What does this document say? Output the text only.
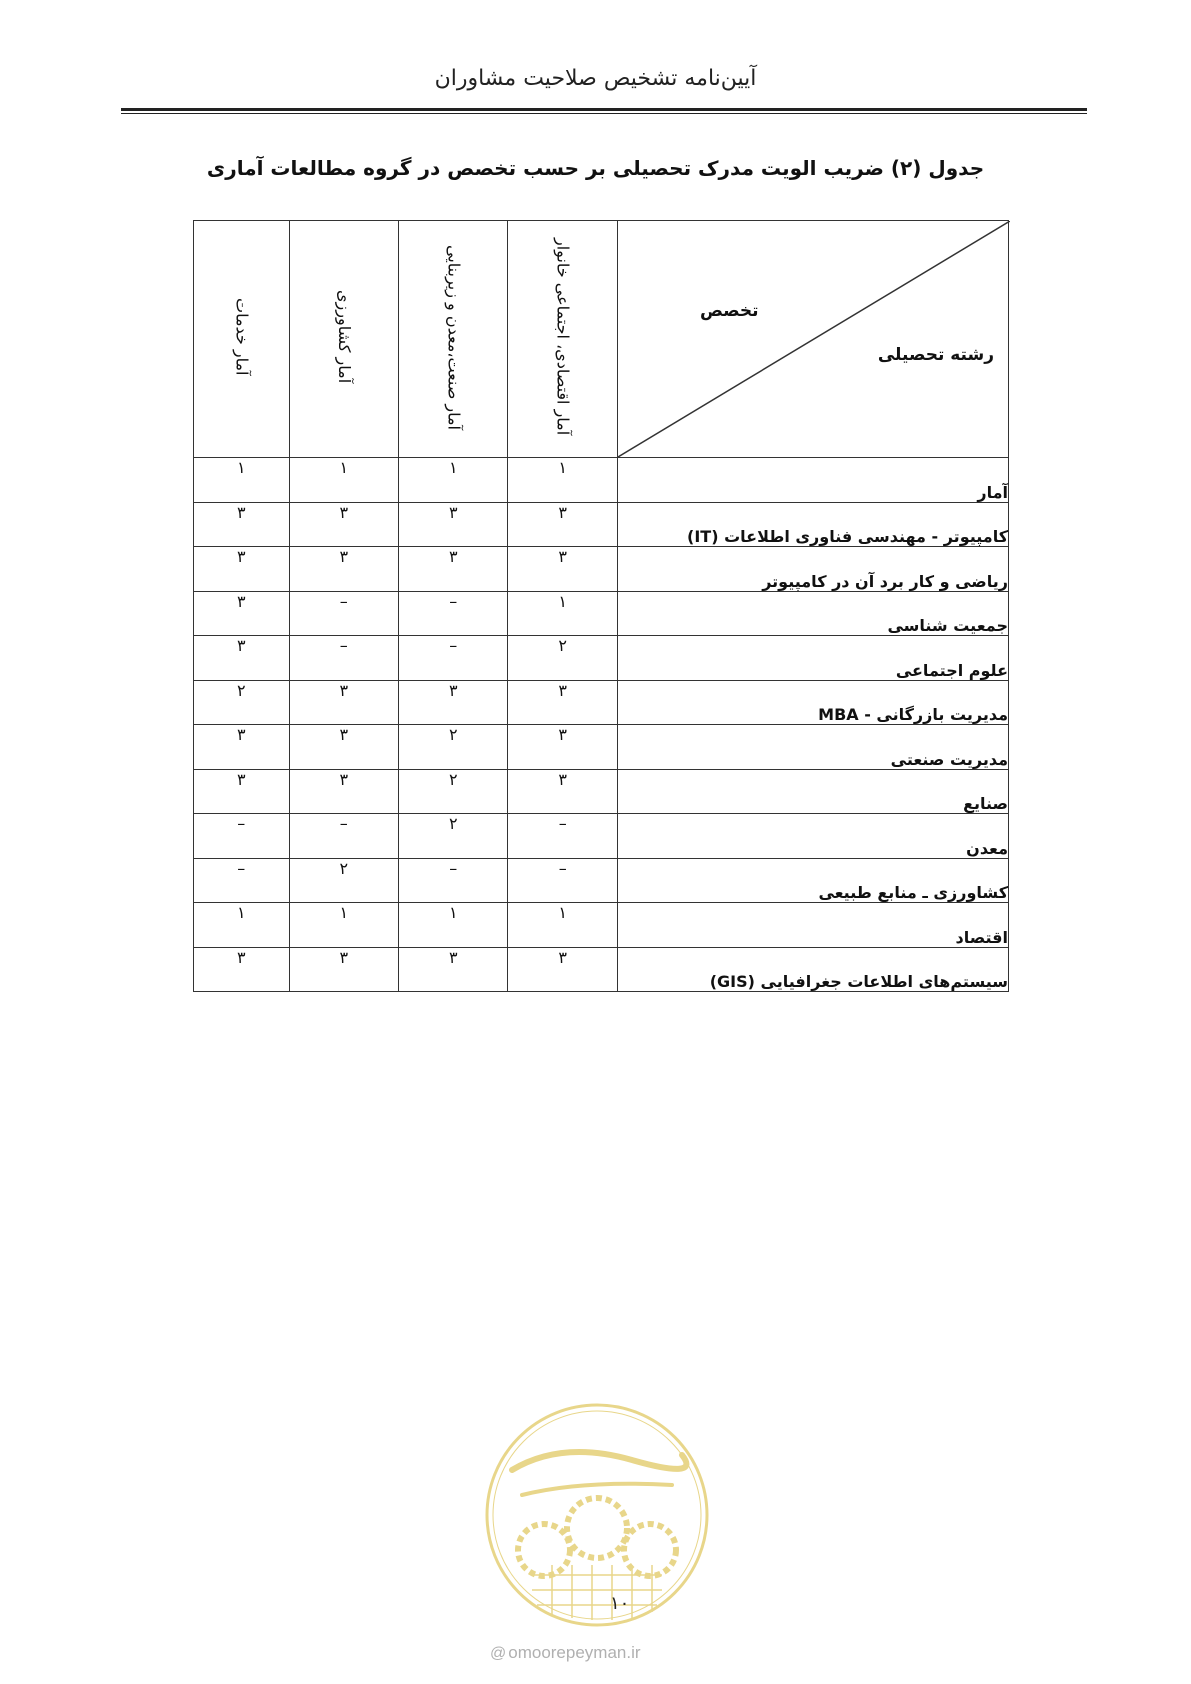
آیین‌نامه تشخیص صلاحیت مشاوران
جدول (۲) ضریب الویت مدرک تحصیلی بر حسب تخصص در گروه مطالعات آماری
تخصص
رشته تحصیلی	آمار اقتصادی، اجتماعی خانوار	آمار صنعت،معدن و زیربنایی	آمار کشاورزی	آمار خدمات
آمار	۱	۱	۱	۱
کامپیوتر - مهندسی فناوری اطلاعات (IT)	۳	۳	۳	۳
ریاضی و کار برد آن در کامپیوتر	۳	۳	۳	۳
جمعیت شناسی	۱	–	–	۳
علوم اجتماعی	۲	–	–	۳
مدیریت بازرگانی - MBA	۳	۳	۳	۲
مدیریت صنعتی	۳	۲	۳	۳
صنایع	۳	۲	۳	۳
معدن	–	۲	–	–
کشاورزی ـ منابع طبیعی	–	–	۲	–
اقتصاد	۱	۱	۱	۱
سیستم‌های اطلاعات جغرافیایی (GIS)	۳	۳	۳	۳
۱۰
@ omoorepeyman.ir
